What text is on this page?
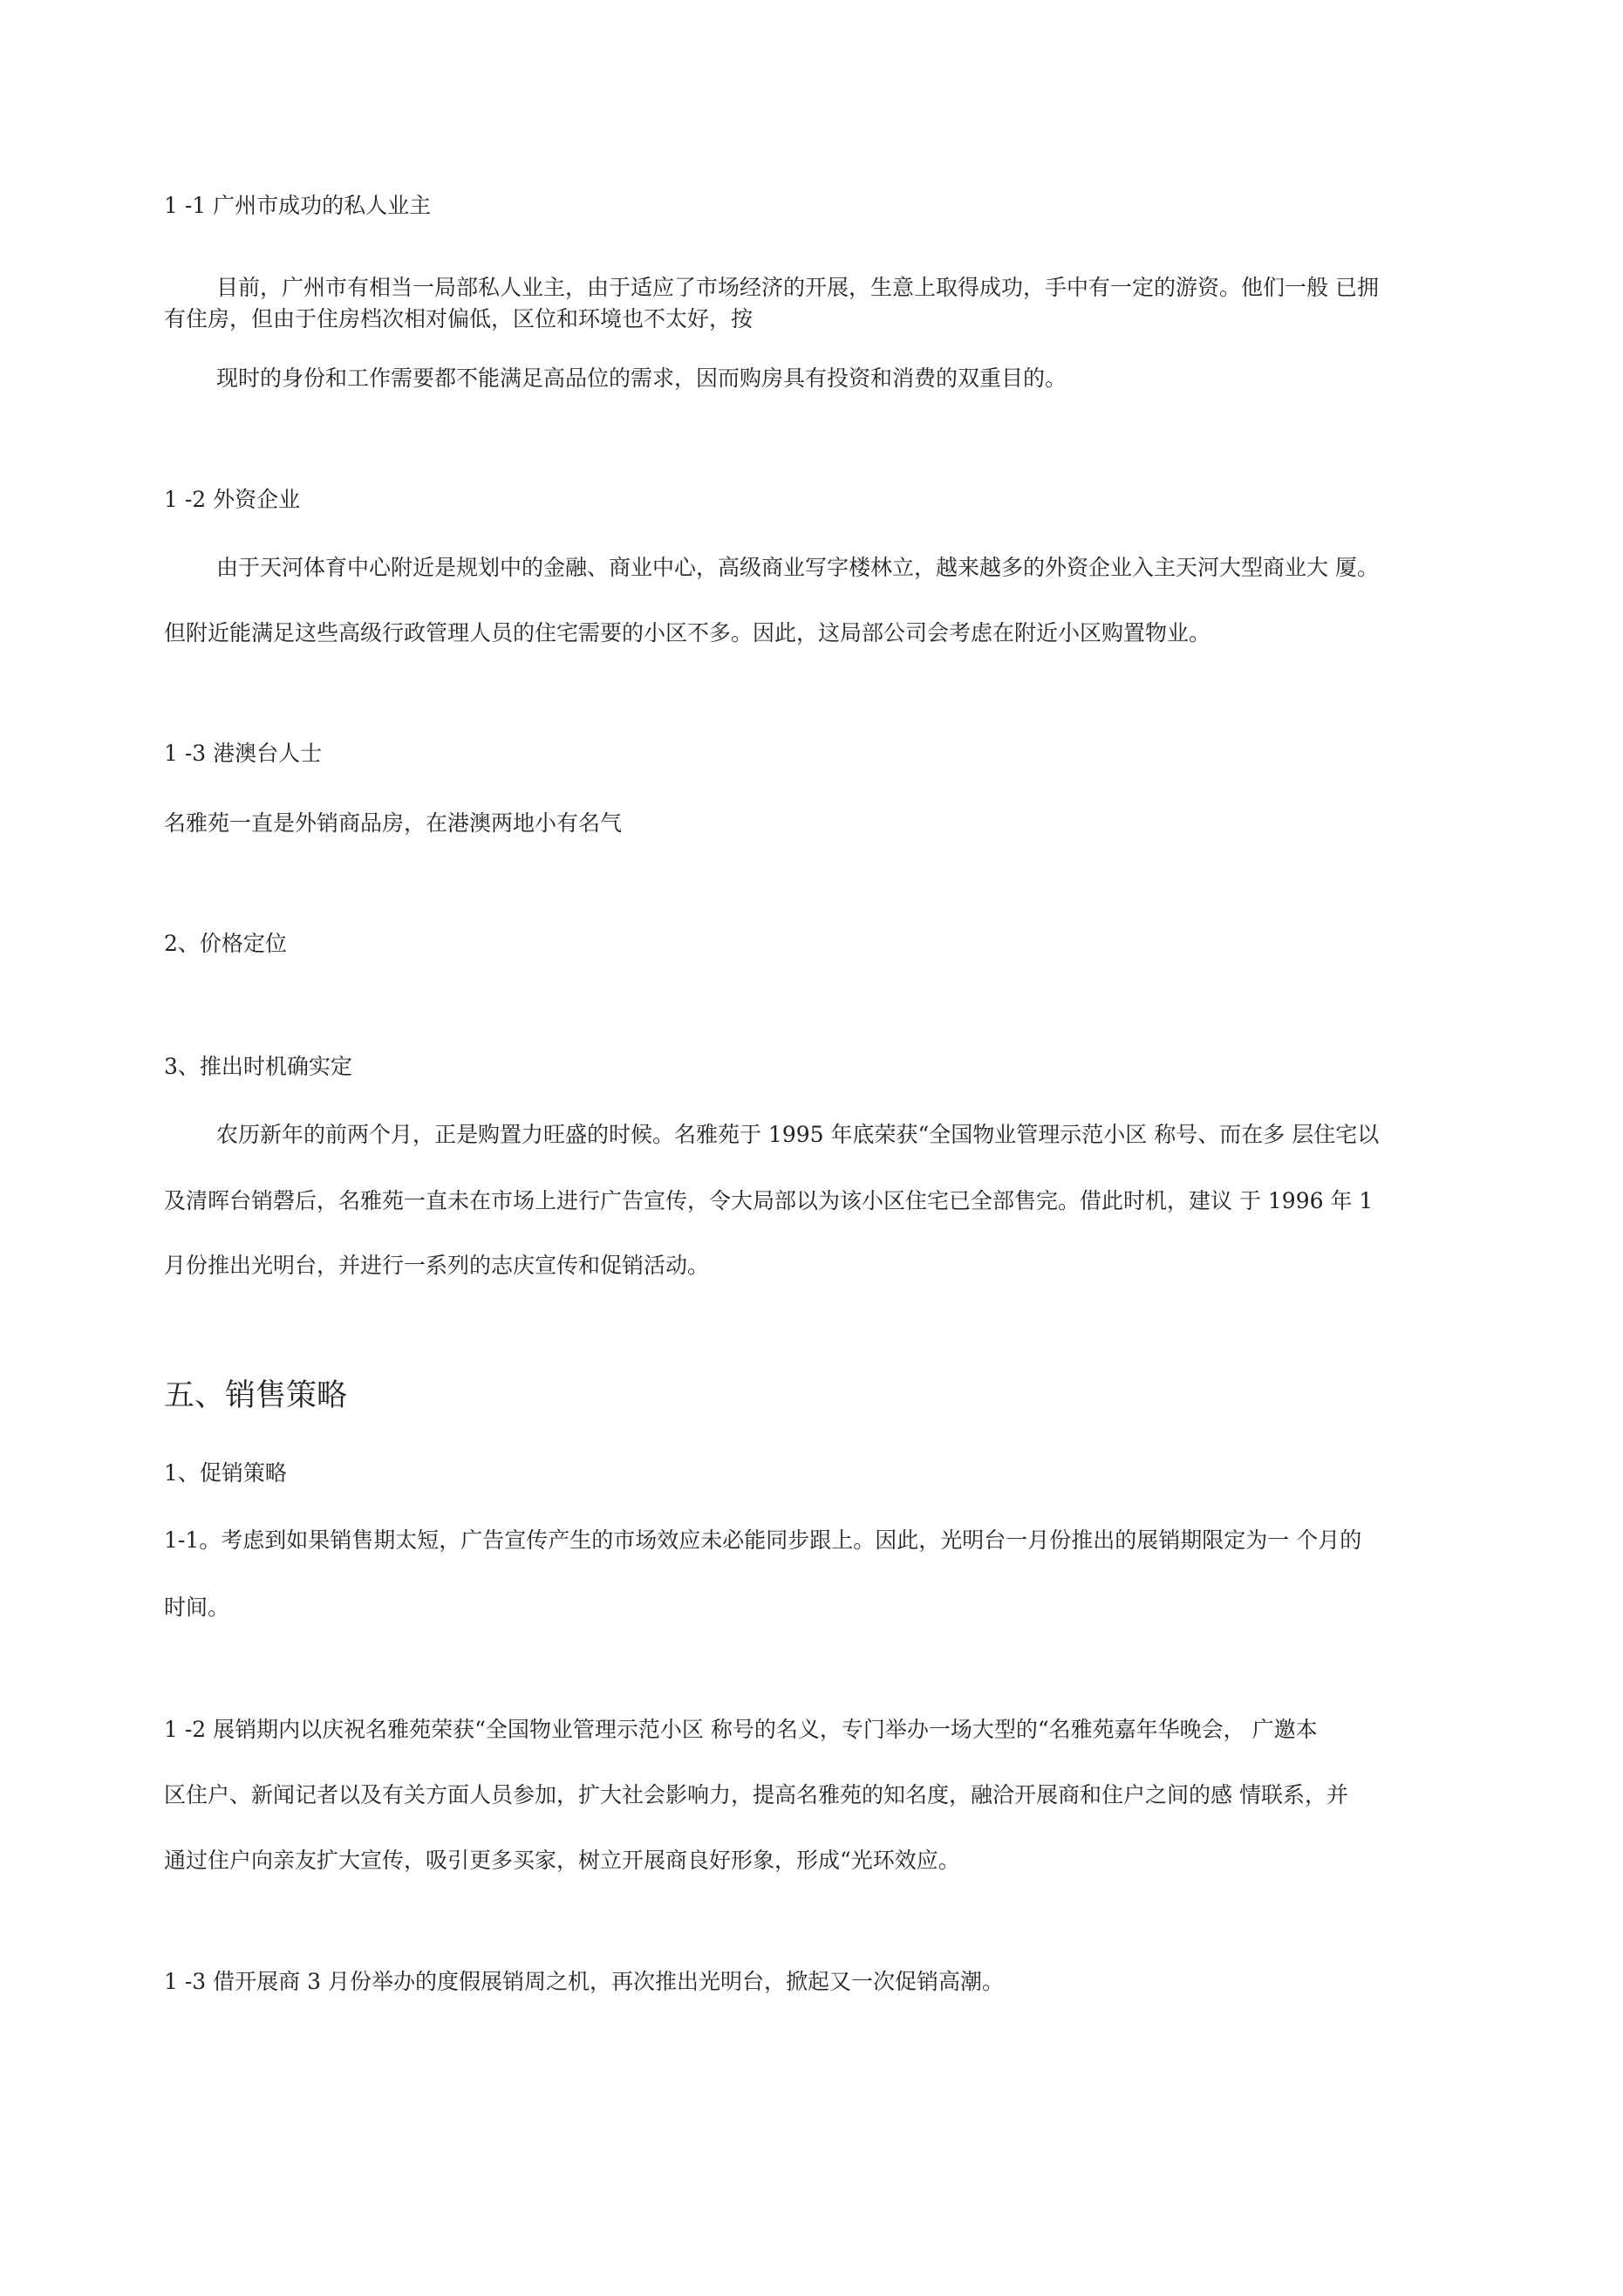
1 -1 广州市成功的私人业主
目前，广州市有相当一局部私人业主，由于适应了市场经济的开展，生意上取得成功，手中有一定的游资。他们一般 已拥
有住房，但由于住房档次相对偏低，区位和环境也不太好，按
现时的身份和工作需要都不能满足高品位的需求，因而购房具有投资和消费的双重目的。
1 -2 外资企业
由于天河体育中心附近是规划中的金融、商业中心，高级商业写字楼林立，越来越多的外资企业入主天河大型商业大 厦。
但附近能满足这些高级行政管理人员的住宅需要的小区不多。因此，这局部公司会考虑在附近小区购置物业。
1 -3 港澳台人士
名雅苑一直是外销商品房，在港澳两地小有名气
2、价格定位
3、推出时机确实定
农历新年的前两个月，正是购置力旺盛的时候。名雅苑于 1995 年底荣获“全国物业管理示范小区 称号、而在多 层住宅以
及清晖台销磬后，名雅苑一直未在市场上进行广告宣传，令大局部以为该小区住宅已全部售完。借此时机，建议 于 1996 年 1
月份推出光明台，并进行一系列的志庆宣传和促销活动。
五、销售策略
1、促销策略
1-1。考虑到如果销售期太短，广告宣传产生的市场效应未必能同步跟上。因此，光明台一月份推出的展销期限定为一 个月的
时间。
1 -2 展销期内以庆祝名雅苑荣获“全国物业管理示范小区 称号的名义，专门举办一场大型的“名雅苑嘉年华晚会， 广邀本
区住户、新闻记者以及有关方面人员参加，扩大社会影响力，提高名雅苑的知名度，融洽开展商和住户之间的感 情联系，并
通过住户向亲友扩大宣传，吸引更多买家，树立开展商良好形象，形成“光环效应。
1 -3 借开展商 3 月份举办的度假展销周之机，再次推出光明台，掀起又一次促销高潮。
